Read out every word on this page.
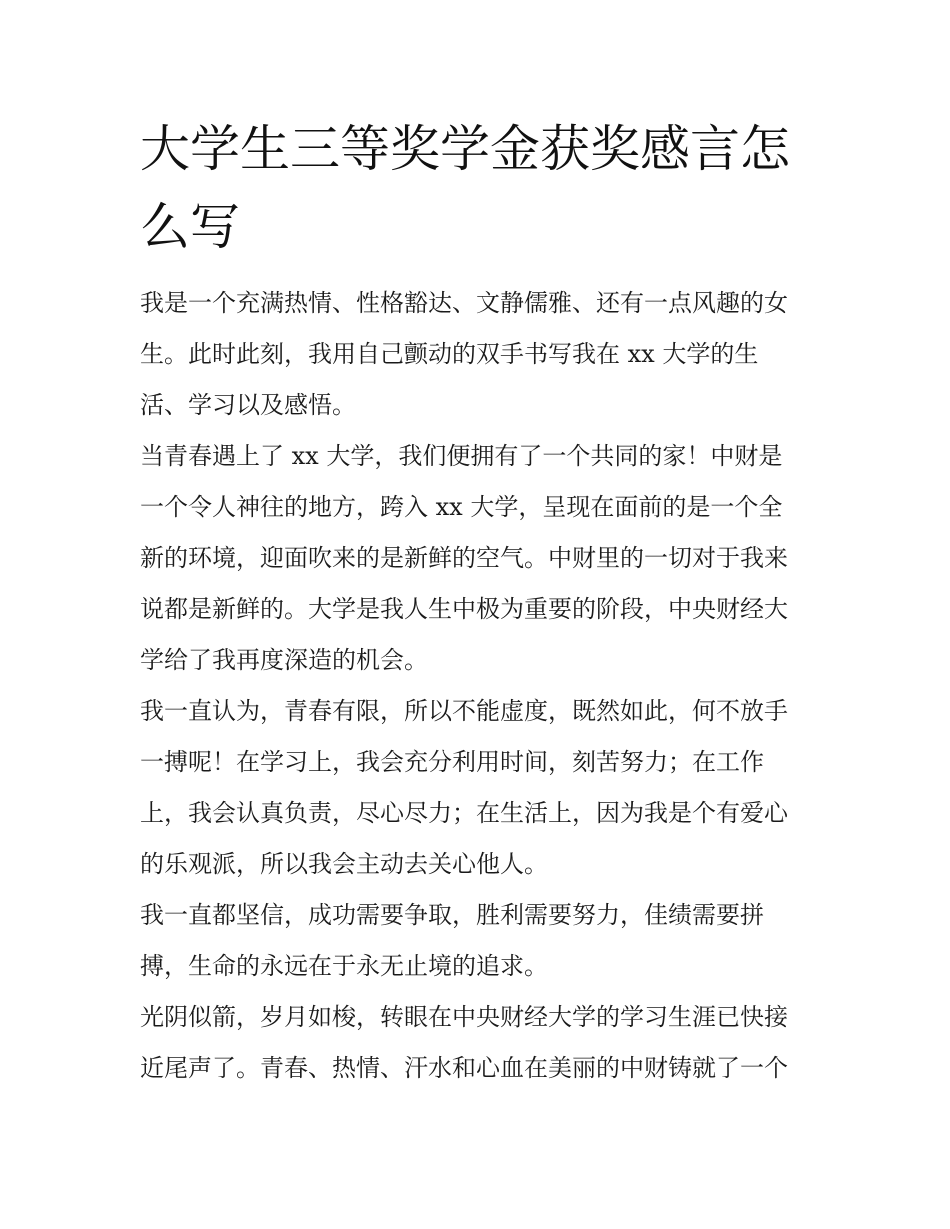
大学生三等奖学金获奖感言怎
么写

我是一个充满热情、性格豁达、文静儒雅、还有一点风趣的女
生。此时此刻，我用自己颤动的双手书写我在 xx 大学的生
活、学习以及感悟。

当青春遇上了 xx 大学，我们便拥有了一个共同的家！中财是
一个令人神往的地方，跨入 xx 大学，呈现在面前的是一个全
新的环境，迎面吹来的是新鲜的空气。中财里的一切对于我来
说都是新鲜的。大学是我人生中极为重要的阶段，中央财经大
学给了我再度深造的机会。

我一直认为，青春有限，所以不能虚度，既然如此，何不放手
一搏呢！在学习上，我会充分利用时间，刻苦努力；在工作
上，我会认真负责，尽心尽力；在生活上，因为我是个有爱心
的乐观派，所以我会主动去关心他人。

我一直都坚信，成功需要争取，胜利需要努力，佳绩需要拼
搏，生命的永远在于永无止境的追求。

光阴似箭，岁月如梭，转眼在中央财经大学的学习生涯已快接
近尾声了。青春、热情、汗水和心血在美丽的中财铸就了一个
